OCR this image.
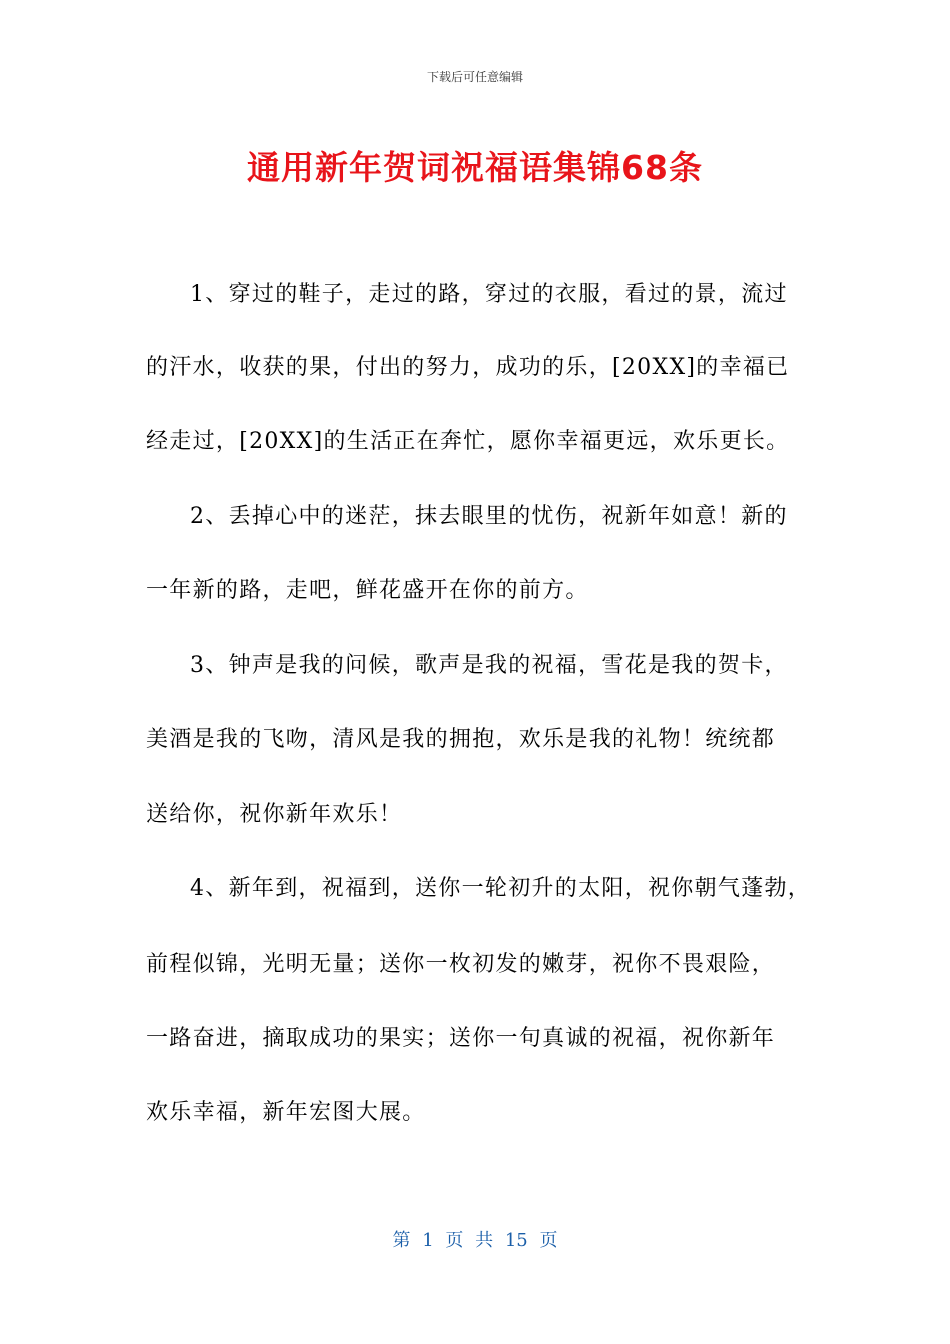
下载后可任意编辑
通用新年贺词祝福语集锦68条
1、穿过的鞋子，走过的路，穿过的衣服，看过的景，流过
的汗水，收获的果，付出的努力，成功的乐，[20XX]的幸福已
经走过，[20XX]的生活正在奔忙，愿你幸福更远，欢乐更长。
2、丢掉心中的迷茫，抹去眼里的忧伤，祝新年如意！新的
一年新的路，走吧，鲜花盛开在你的前方。
3、钟声是我的问候，歌声是我的祝福，雪花是我的贺卡，
美酒是我的飞吻，清风是我的拥抱，欢乐是我的礼物！统统都
送给你，祝你新年欢乐！
4、新年到，祝福到，送你一轮初升的太阳，祝你朝气蓬勃，
前程似锦，光明无量；送你一枚初发的嫩芽，祝你不畏艰险，
一路奋进，摘取成功的果实；送你一句真诚的祝福，祝你新年
欢乐幸福，新年宏图大展。
第 1 页 共 15 页
